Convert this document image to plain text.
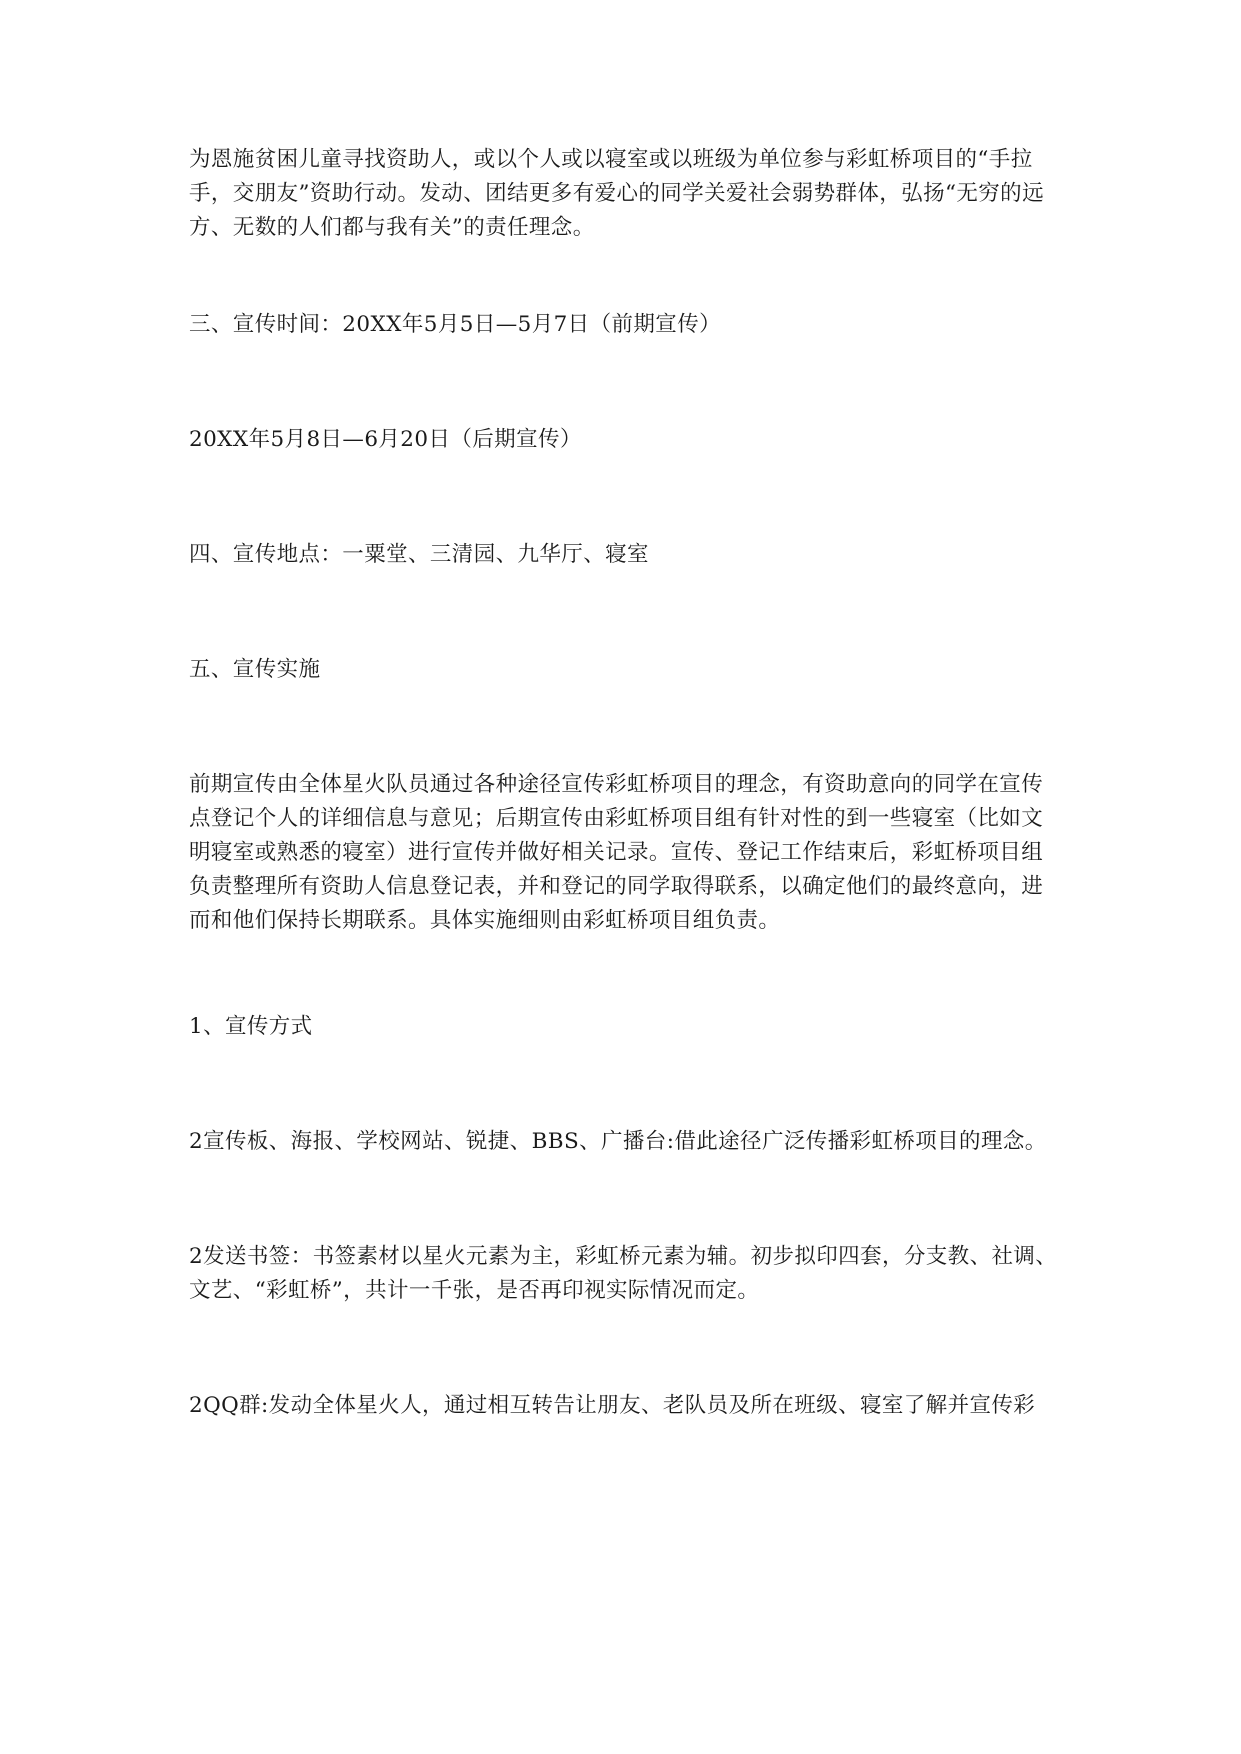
为恩施贫困儿童寻找资助人，或以个人或以寝室或以班级为单位参与彩虹桥项目的“手拉手，交朋友”资助行动。发动、团结更多有爱心的同学关爱社会弱势群体，弘扬“无穷的远方、无数的人们都与我有关”的责任理念。

三、宣传时间：20XX年5月5日—5月7日（前期宣传）

20XX年5月8日—6月20日（后期宣传）

四、宣传地点：一粟堂、三清园、九华厅、寝室

五、宣传实施

前期宣传由全体星火队员通过各种途径宣传彩虹桥项目的理念，有资助意向的同学在宣传点登记个人的详细信息与意见；后期宣传由彩虹桥项目组有针对性的到一些寝室（比如文明寝室或熟悉的寝室）进行宣传并做好相关记录。宣传、登记工作结束后，彩虹桥项目组负责整理所有资助人信息登记表，并和登记的同学取得联系，以确定他们的最终意向，进而和他们保持长期联系。具体实施细则由彩虹桥项目组负责。

1、宣传方式

2宣传板、海报、学校网站、锐捷、BBS、广播台:借此途径广泛传播彩虹桥项目的理念。

2发送书签：书签素材以星火元素为主，彩虹桥元素为辅。初步拟印四套，分支教、社调、文艺、“彩虹桥”，共计一千张，是否再印视实际情况而定。

2QQ群:发动全体星火人，通过相互转告让朋友、老队员及所在班级、寝室了解并宣传彩
